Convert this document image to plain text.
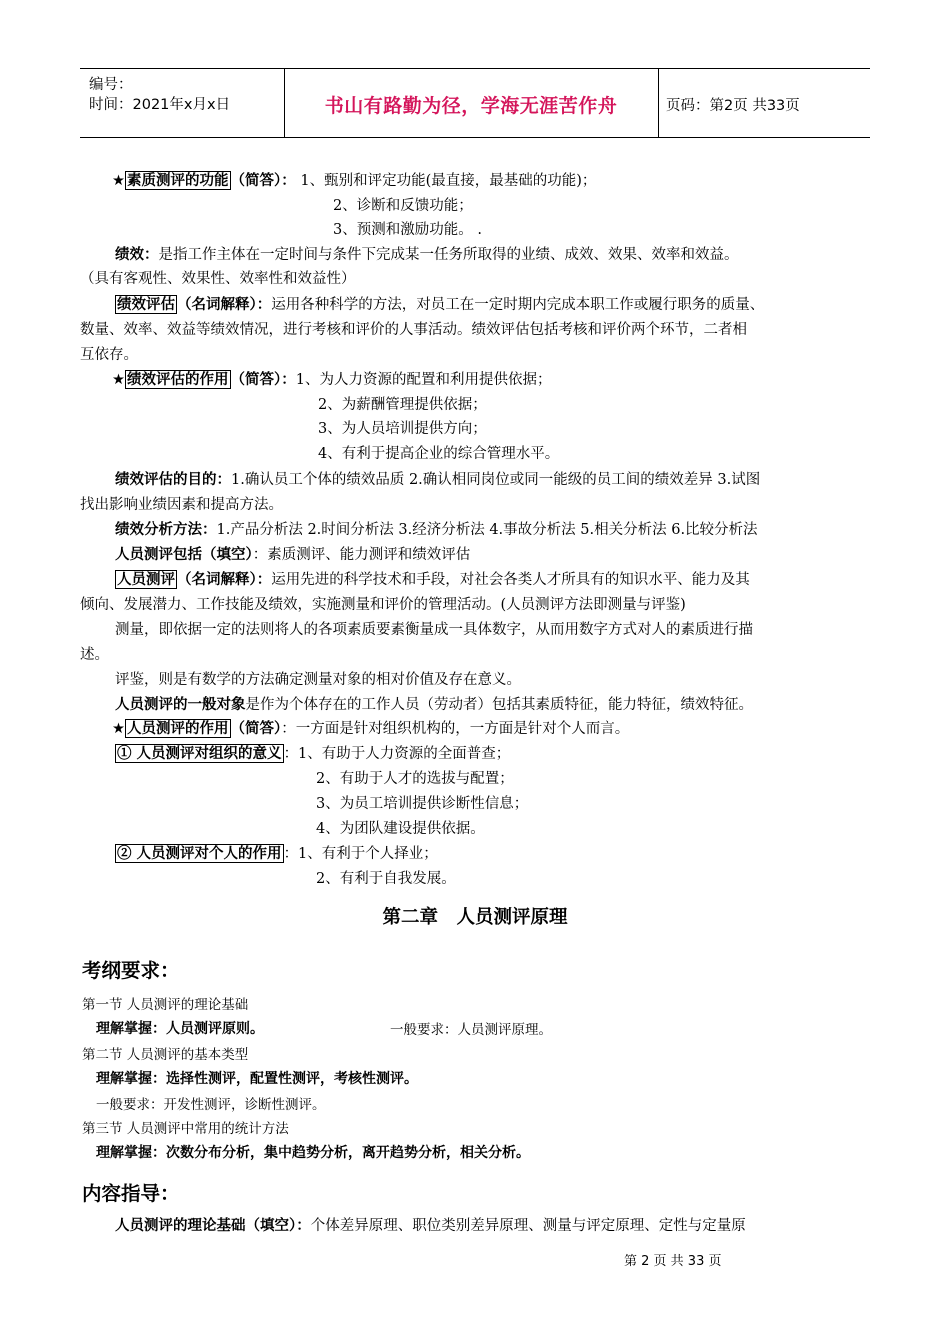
编号：
时间：2021年x月x日	书山有路勤为径，学海无涯苦作舟	页码：第2页 共33页
★ 素质测评的功能 （简答）： 1、甄别和评定功能(最直接，最基础的功能)；
2、诊断和反馈功能；
3、预测和激励功能。 .
绩效：是指工作主体在一定时间与条件下完成某一任务所取得的业绩、成效、效果、效率和效益。
（具有客观性、效果性、效率性和效益性）
绩效评估 （名词解释）：运用各种科学的方法，对员工在一定时期内完成本职工作或履行职务的质量、
数量、效率、效益等绩效情况，进行考核和评价的人事活动。绩效评估包括考核和评价两个环节，二者相
互依存。
★ 绩效评估的作用 （简答）：1、为人力资源的配置和利用提供依据；
2、为薪酬管理提供依据；
3、为人员培训提供方向；
4、有利于提高企业的综合管理水平。
绩效评估的目的：1.确认员工个体的绩效品质 2.确认相同岗位或同一能级的员工间的绩效差异 3.试图
找出影响业绩因素和提高方法。
绩效分析方法：1.产品分析法 2.时间分析法 3.经济分析法 4.事故分析法 5.相关分析法 6.比较分析法
人员测评包括（填空）：素质测评、能力测评和绩效评估
人员测评 （名词解释）：运用先进的科学技术和手段，对社会各类人才所具有的知识水平、能力及其
倾向、发展潜力、工作技能及绩效，实施测量和评价的管理活动。(人员测评方法即测量与评鉴)
测量，即依据一定的法则将人的各项素质要素衡量成一具体数字，从而用数字方式对人的素质进行描
述。
评鉴，则是有数学的方法确定测量对象的相对价值及存在意义。
人员测评的一般对象是作为个体存在的工作人员（劳动者）包括其素质特征，能力特征，绩效特征。
★ 人员测评的作用 （简答）：一方面是针对组织机构的，一方面是针对个人而言。
① 人员测评对组织的意义 ：1、有助于人力资源的全面普查；
2、有助于人才的选拔与配置；
3、为员工培训提供诊断性信息；
4、为团队建设提供依据。
② 人员测评对个人的作用 ：1、有利于个人择业；
2、有利于自我发展。
第二章　人员测评原理
考纲要求：
第一节 人员测评的理论基础
理解掌握：人员测评原则。	一般要求：人员测评原理。
第二节 人员测评的基本类型
理解掌握：选择性测评，配置性测评，考核性测评。
一般要求：开发性测评，诊断性测评。
第三节 人员测评中常用的统计方法
理解掌握：次数分布分析，集中趋势分析，离开趋势分析，相关分析。
内容指导：
人员测评的理论基础（填空）：个体差异原理、职位类别差异原理、测量与评定原理、定性与定量原
第 2 页 共 33 页
